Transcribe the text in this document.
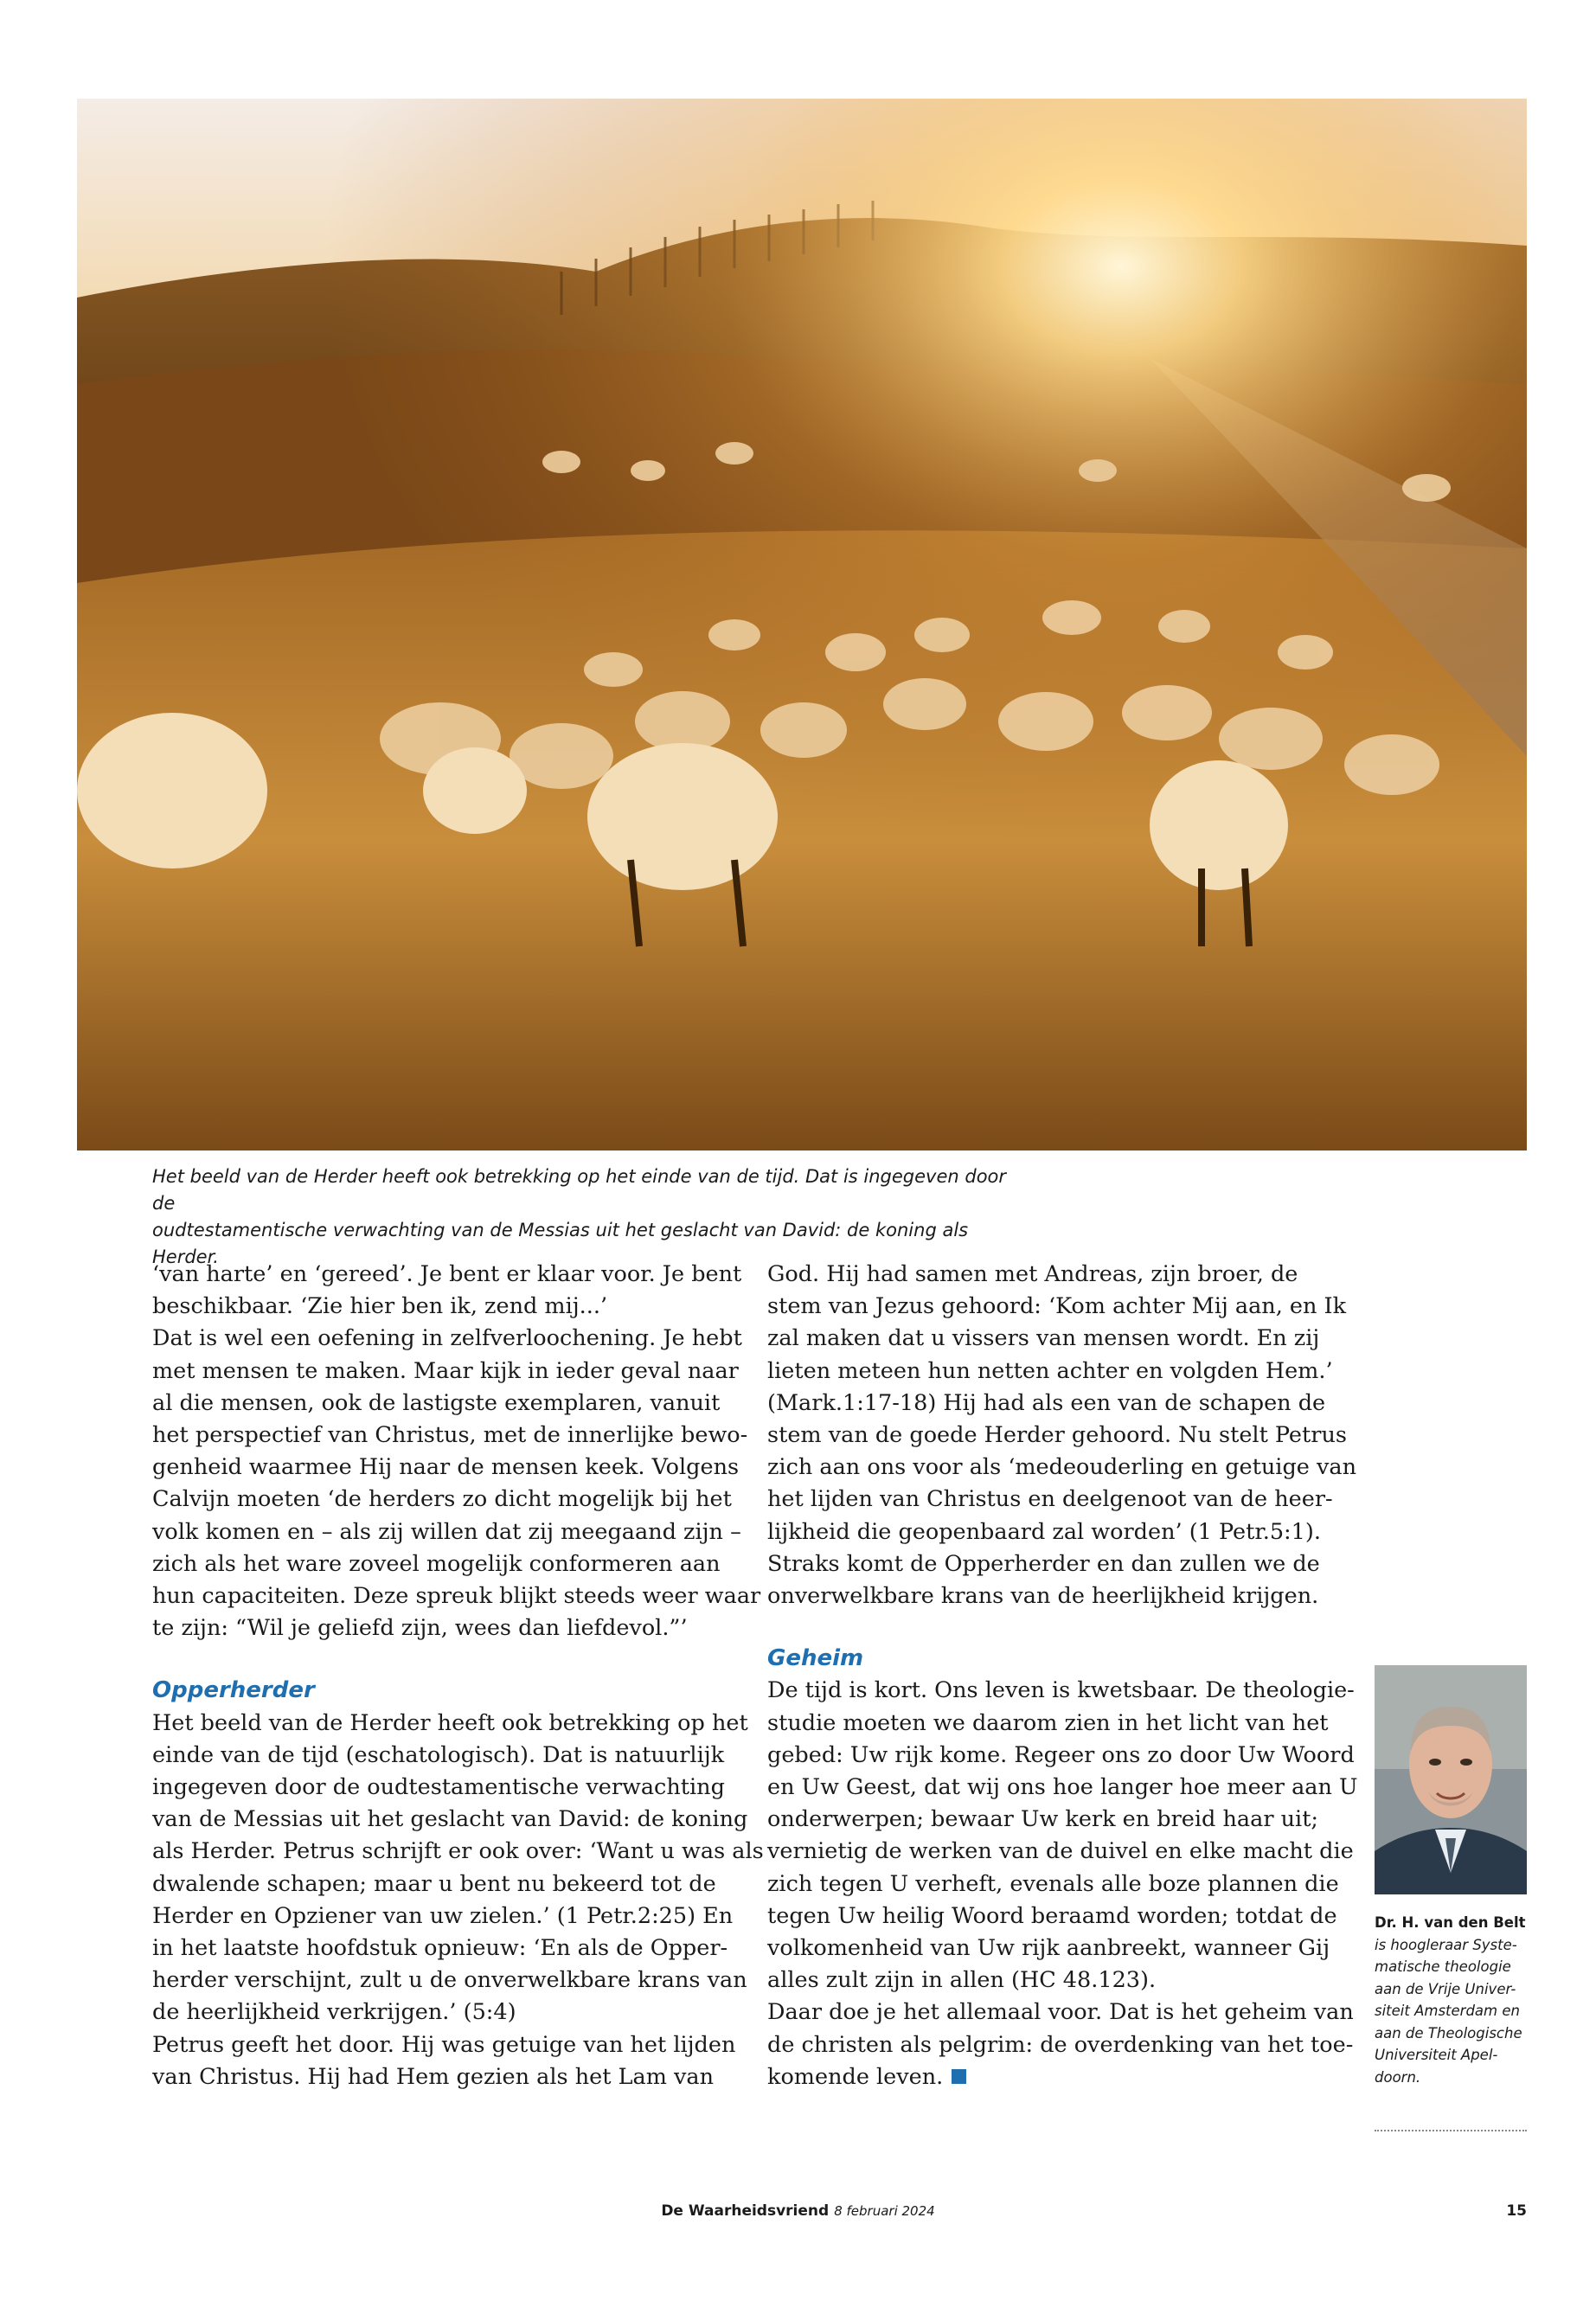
Het beeld van de Herder heeft ook betrekking op het einde van de tijd. Dat is ingegeven door de
oudtestamentische verwachting van de Messias uit het geslacht van David: de koning als Herder.
‘van harte’ en ‘gereed’. Je bent er klaar voor. Je bent
beschikbaar. ‘Zie hier ben ik, zend mij...’
Dat is wel een oefening in zelfverloochening. Je hebt
met mensen te maken. Maar kijk in ieder geval naar
al die mensen, ook de lastigste exemplaren, vanuit
het perspectief van Christus, met de innerlijke bewo-
genheid waarmee Hij naar de mensen keek. Volgens
Calvijn moeten ‘de herders zo dicht mogelijk bij het
volk komen en – als zij willen dat zij meegaand zijn –
zich als het ware zoveel mogelijk conformeren aan
hun capaciteiten. Deze spreuk blijkt steeds weer waar
te zijn: “Wil je geliefd zijn, wees dan liefdevol.”’
Opperherder
Het beeld van de Herder heeft ook betrekking op het
einde van de tijd (eschatologisch). Dat is natuurlijk
ingegeven door de oudtestamentische verwachting
van de Messias uit het geslacht van David: de koning
als Herder. Petrus schrijft er ook over: ‘Want u was als
dwalende schapen; maar u bent nu bekeerd tot de
Herder en Opziener van uw zielen.’ (1 Petr.2:25) En
in het laatste hoofdstuk opnieuw: ‘En als de Opper-
herder verschijnt, zult u de onverwelkbare krans van
de heerlijkheid verkrijgen.’ (5:4)
Petrus geeft het door. Hij was getuige van het lijden
van Christus. Hij had Hem gezien als het Lam van
God. Hij had samen met Andreas, zijn broer, de
stem van Jezus gehoord: ‘Kom achter Mij aan, en Ik
zal maken dat u vissers van mensen wordt. En zij
lieten meteen hun netten achter en volgden Hem.’
(Mark.1:17-18) Hij had als een van de schapen de
stem van de goede Herder gehoord. Nu stelt Petrus
zich aan ons voor als ‘medeouderling en getuige van
het lijden van Christus en deelgenoot van de heer-
lijkheid die geopenbaard zal worden’ (1 Petr.5:1).
Straks komt de Opperherder en dan zullen we de
onverwelkbare krans van de heerlijkheid krijgen.
Geheim
De tijd is kort. Ons leven is kwetsbaar. De theologie-
studie moeten we daarom zien in het licht van het
gebed: Uw rijk kome. Regeer ons zo door Uw Woord
en Uw Geest, dat wij ons hoe langer hoe meer aan U
onderwerpen; bewaar Uw kerk en breid haar uit;
vernietig de werken van de duivel en elke macht die
zich tegen U verheft, evenals alle boze plannen die
tegen Uw heilig Woord beraamd worden; totdat de
volkomenheid van Uw rijk aanbreekt, wanneer Gij
alles zult zijn in allen (HC 48.123).
Daar doe je het allemaal voor. Dat is het geheim van
de christen als pelgrim: de overdenking van het toe-
komende leven.
Dr. H. van den Belt
is hoogleraar Syste-
matische theologie
aan de Vrije Univer-
siteit Amsterdam en
aan de Theologische
Universiteit Apel-
doorn.
De Waarheidsvriend 8 februari 2024	15
